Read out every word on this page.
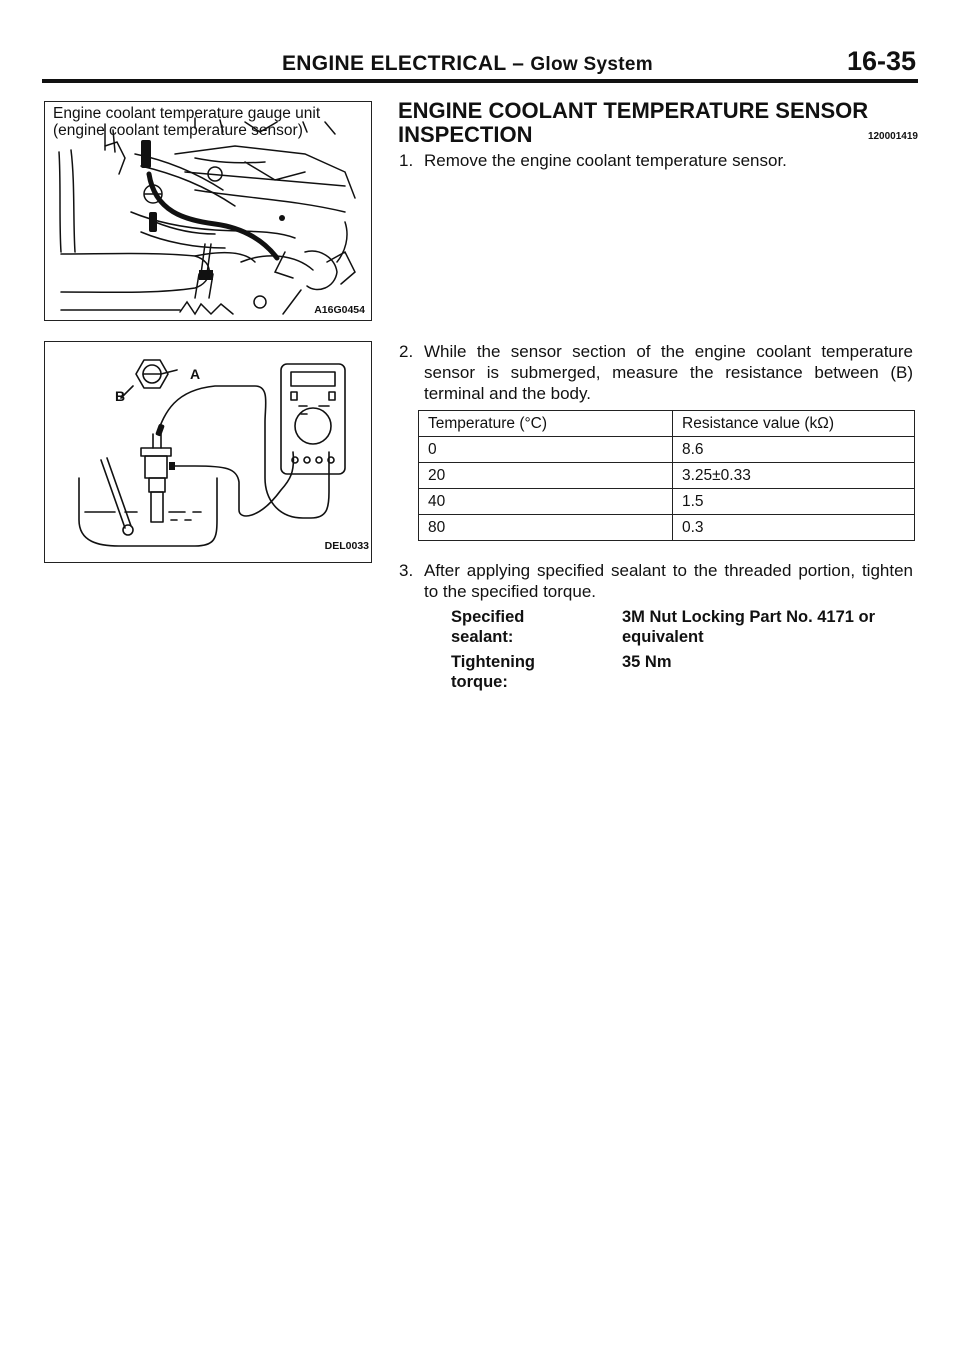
ENGINE ELECTRICAL – Glow System	16-35
Engine coolant temperature gauge unit
(engine coolant temperature sensor)
A16G0454
A
B
DEL0033
ENGINE COOLANT TEMPERATURE SENSOR
INSPECTION	120001419
1. Remove the engine coolant temperature sensor.
2. While the sensor section of the engine coolant temperature sensor is submerged, measure the resistance between (B) terminal and the body.
Temperature (°C)	Resistance value (kΩ)
0	8.6
20	3.25±0.33
40	1.5
80	0.3
3. After applying specified sealant to the threaded portion, tighten to the specified torque.
Specified sealant:
3M Nut Locking Part No. 4171 or equivalent
Tightening torque:
35 Nm
